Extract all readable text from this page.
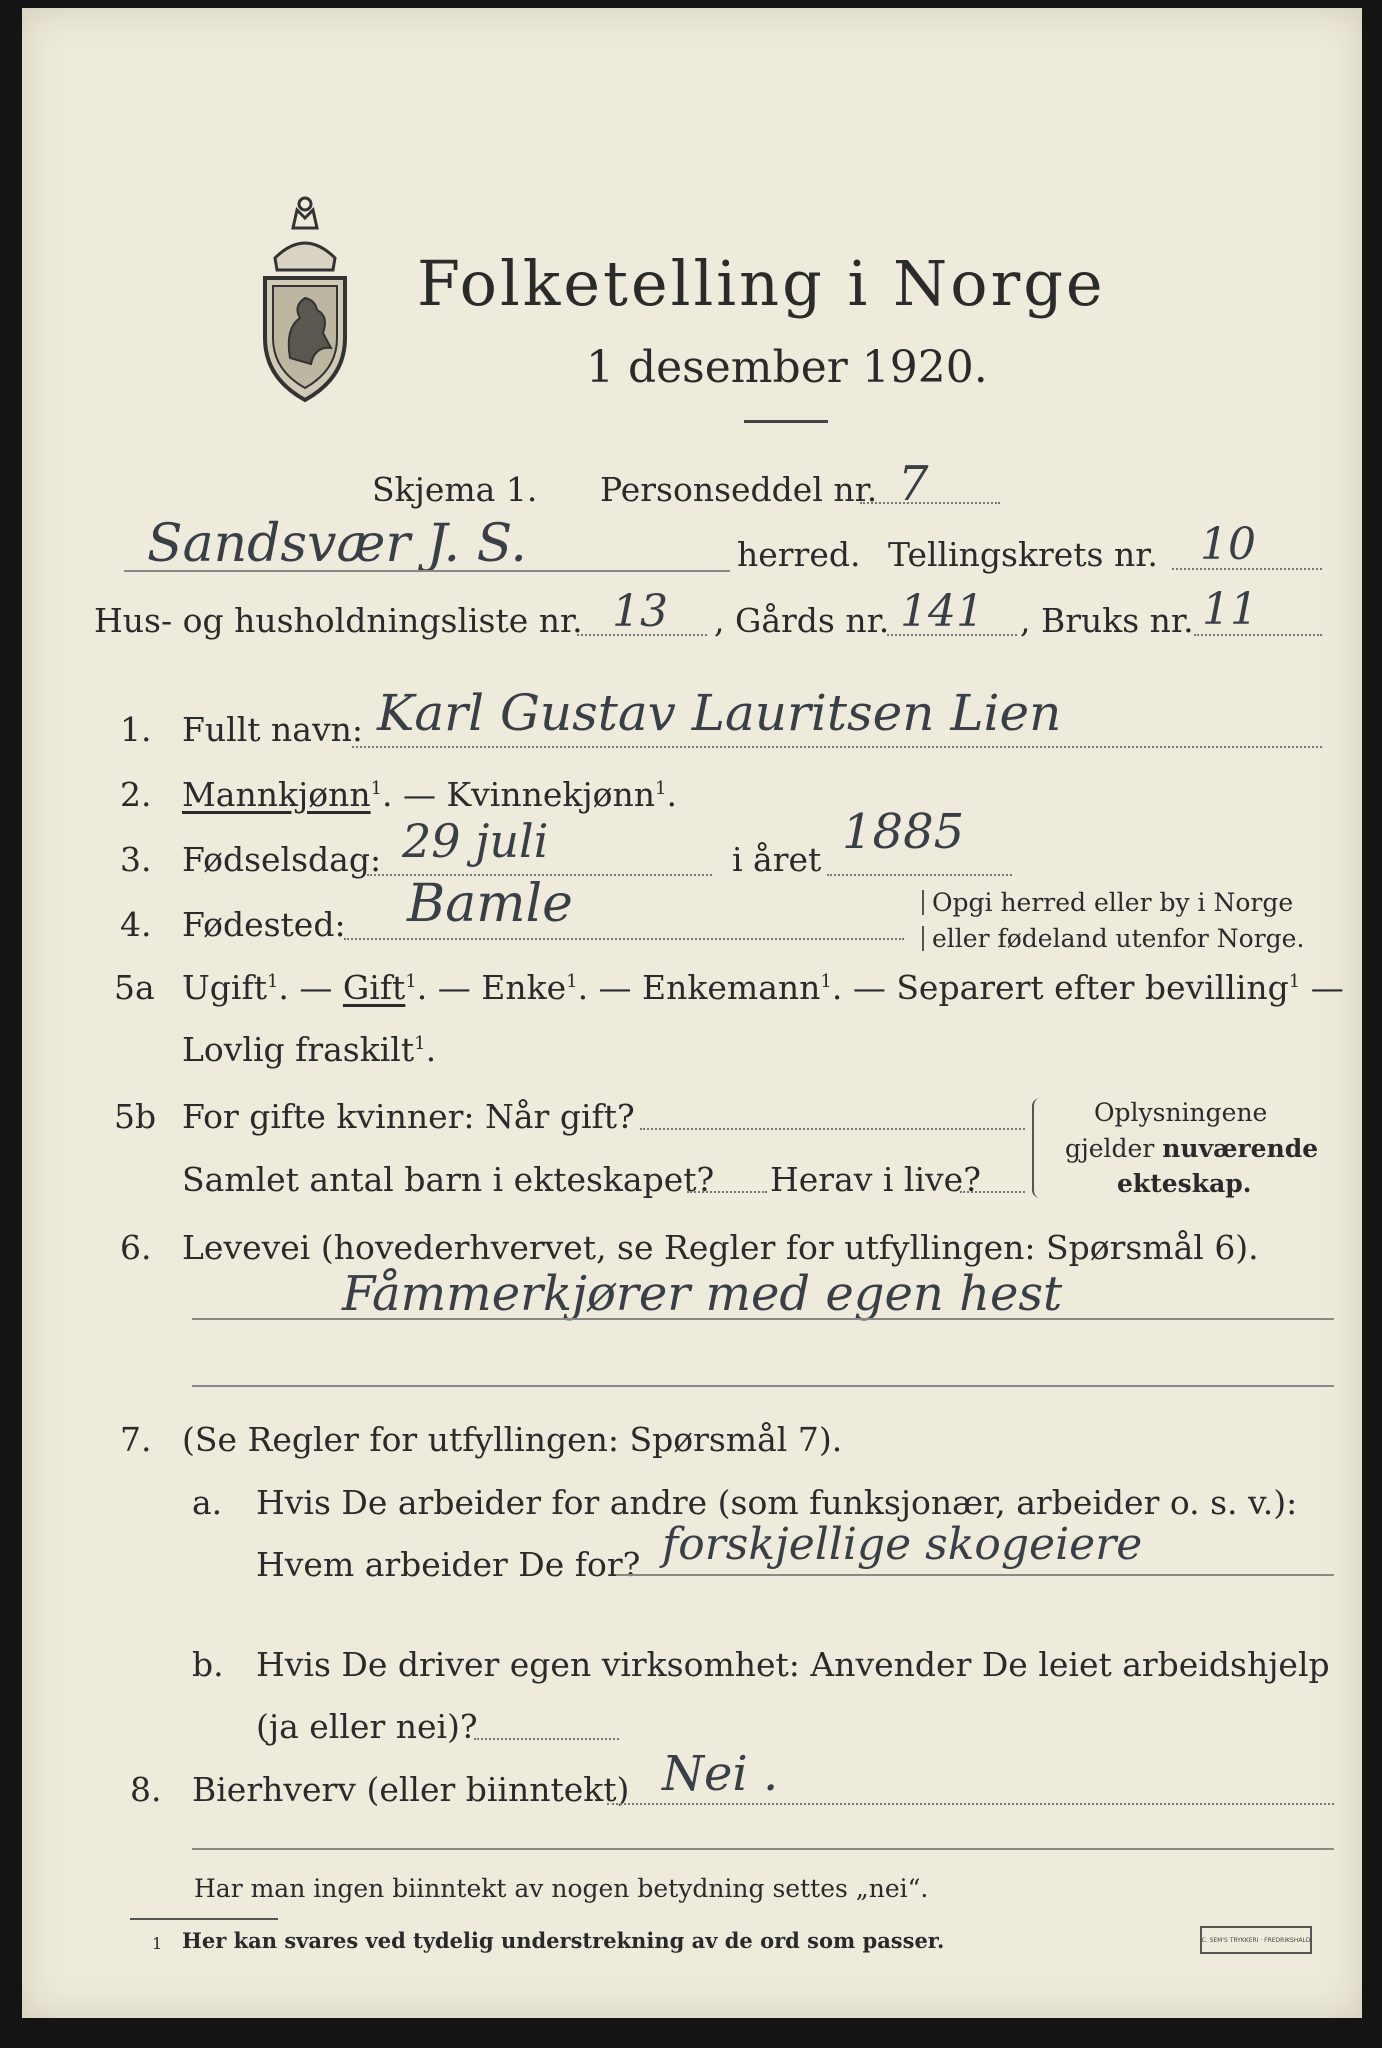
Folketelling i Norge
1 desember 1920.
Skjema 1. Personseddel nr. 7
Sandsvær J. S.	herred. Tellingskrets nr. 10
Hus- og husholdningsliste nr. 13 , Gårds nr. 141 , Bruks nr. 11
1. Fullt navn: Karl Gustav Lauritsen Lien
2. Mannkjønn$^1$. — Kvinnekjønn$^1$.
3. Fødselsdag: 29 juli	i året 1885
4. Fødested: Bamle	Opgi herred eller by i Norge
eller fødeland utenfor Norge.
5a Ugift$^1$. — Gift$^1$. — Enke$^1$. — Enkemann$^1$. — Separert efter bevilling$^1$ —
Lovlig fraskilt$^1$.
5b For gifte kvinner: Når gift?
Samlet antal barn i ekteskapet? Herav i live?
Oplysningene
gjelder nuværende
ekteskap.
6. Levevei (hovederhvervet, se Regler for utfyllingen: Spørsmål 6).
Fåmmerkjører med egen hest
7. (Se Regler for utfyllingen: Spørsmål 7).
a. Hvis De arbeider for andre (som funksjonær, arbeider o. s. v.):
Hvem arbeider De for? forskjellige skogeiere
b. Hvis De driver egen virksomhet: Anvender De leiet arbeidshjelp
(ja eller nei)?
8. Bierhverv (eller biinntekt) Nei .
Har man ingen biinntekt av nogen betydning settes „nei“.
1 Her kan svares ved tydelig understrekning av de ord som passer.	C. SEM'S TRYKKERI · FREDRIKSHALD
